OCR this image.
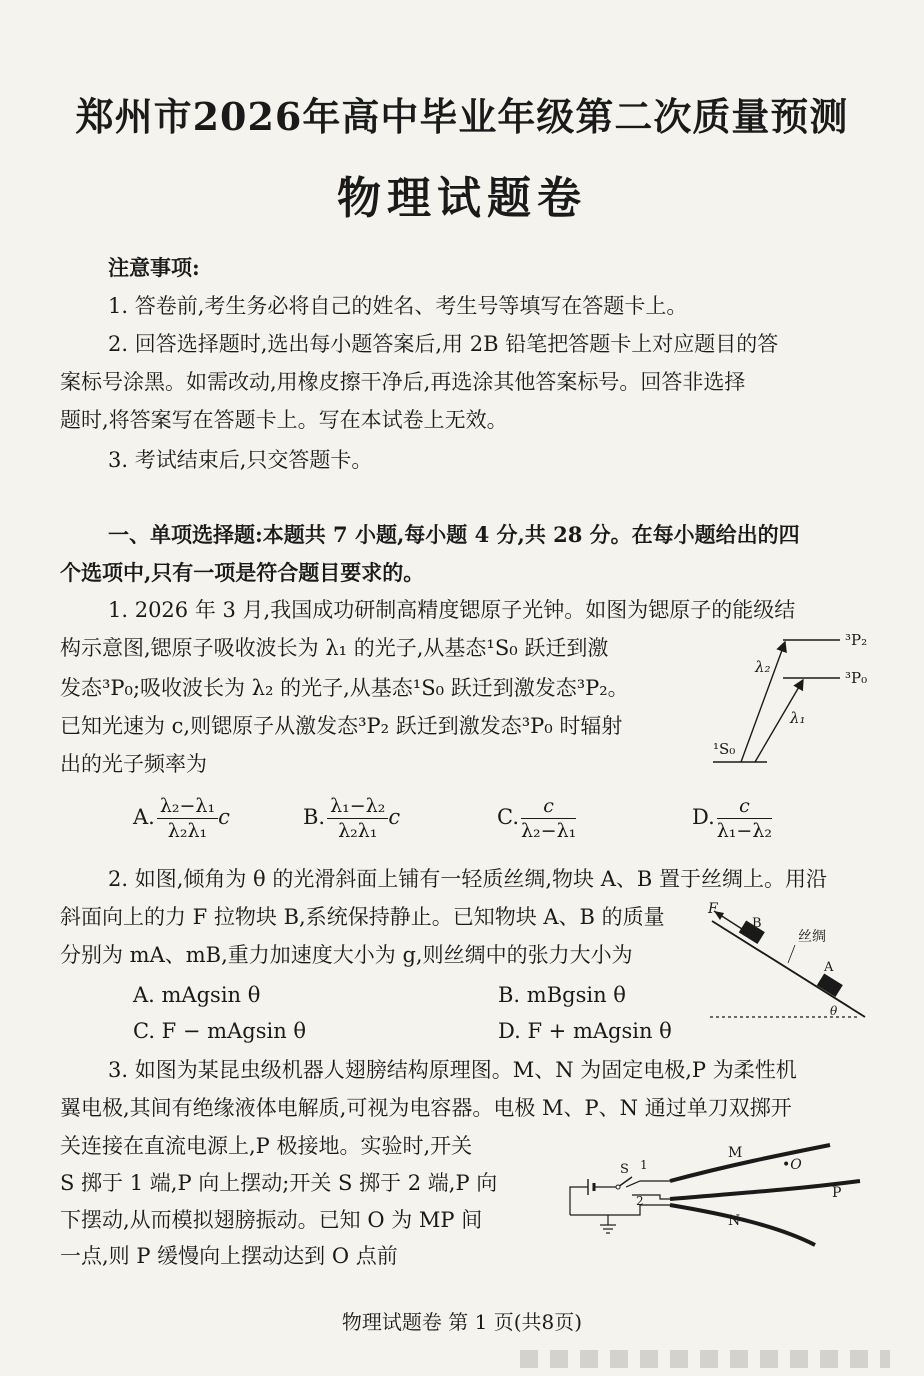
郑州市2026年高中毕业年级第二次质量预测
物理试题卷
注意事项:
1. 答卷前,考生务必将自己的姓名、考生号等填写在答题卡上。
2. 回答选择题时,选出每小题答案后,用 2B 铅笔把答题卡上对应题目的答
案标号涂黑。如需改动,用橡皮擦干净后,再选涂其他答案标号。回答非选择
题时,将答案写在答题卡上。写在本试卷上无效。
3. 考试结束后,只交答题卡。
一、单项选择题:本题共 7 小题,每小题 4 分,共 28 分。在每小题给出的四
个选项中,只有一项是符合题目要求的。
1. 2026 年 3 月,我国成功研制高精度锶原子光钟。如图为锶原子的能级结
构示意图,锶原子吸收波长为 λ₁ 的光子,从基态¹S₀ 跃迁到激
发态³P₀;吸收波长为 λ₂ 的光子,从基态¹S₀ 跃迁到激发态³P₂。
已知光速为 c,则锶原子从激发态³P₂ 跃迁到激发态³P₀ 时辐射
出的光子频率为
³P₂
³P₀
¹S₀
λ₂
λ₁
A. $\frac{\text{λ₂−λ₁}}{\text{λ₂λ₁}}$ c	B. $\frac{\text{λ₁−λ₂}}{\text{λ₂λ₁}}$ c	C. $\frac{c}{\text{λ₂−λ₁}}$	D. $\frac{c}{\text{λ₁−λ₂}}$
2. 如图,倾角为 θ 的光滑斜面上铺有一轻质丝绸,物块 A、B 置于丝绸上。用沿
斜面向上的力 F 拉物块 B,系统保持静止。已知物块 A、B 的质量
分别为 mA、mB,重力加速度大小为 g,则丝绸中的张力大小为
A. mAgsin θ	B. mBgsin θ
C. F − mAgsin θ	D. F + mAgsin θ
F
B
A
丝绸
θ
3. 如图为某昆虫级机器人翅膀结构原理图。M、N 为固定电极,P 为柔性机
翼电极,其间有绝缘液体电解质,可视为电容器。电极 M、P、N 通过单刀双掷开
关连接在直流电源上,P 极接地。实验时,开关
S 掷于 1 端,P 向上摆动;开关 S 掷于 2 端,P 向
下摆动,从而模拟翅膀振动。已知 O 为 MP 间
一点,则 P 缓慢向上摆动达到 O 点前
M
P
N
•O
S 1
2
物理试题卷 第 1 页(共8页)
